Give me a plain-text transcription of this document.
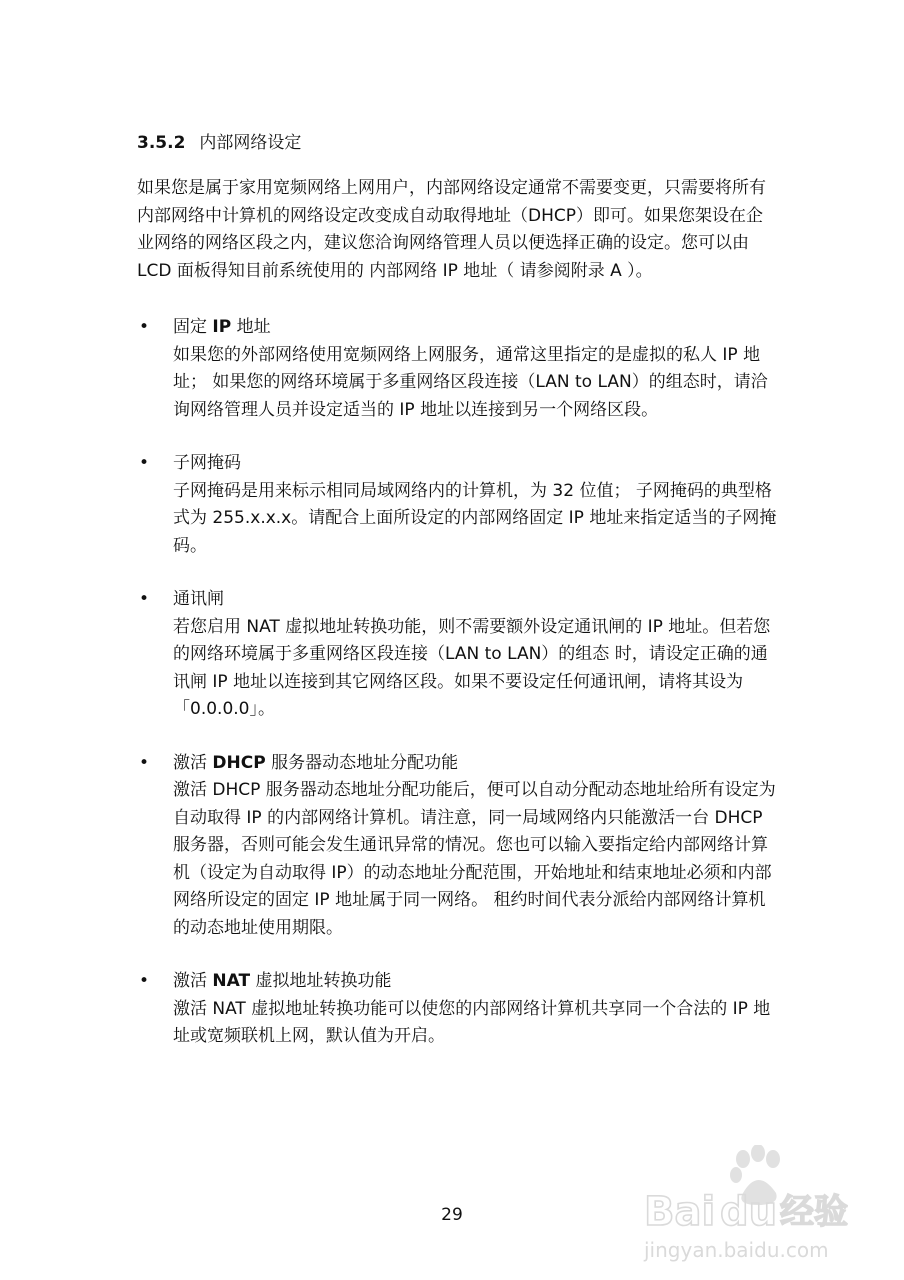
3.5.2 内部网络设定

如果您是属于家用宽频网络上网用户，内部网络设定通常不需要变更，只需要将所有内部网络中计算机的网络设定改变成自动取得地址（DHCP）即可。如果您架设在企业网络的网络区段之内，建议您洽询网络管理人员以便选择正确的设定。您可以由 LCD 面板得知目前系统使用的 内部网络 IP 地址（ 请参阅附录 A ）。

• 固定 IP 地址
如果您的外部网络使用宽频网络上网服务，通常这里指定的是虚拟的私人 IP 地址； 如果您的网络环境属于多重网络区段连接（LAN to LAN）的组态时，请洽询网络管理人员并设定适当的 IP 地址以连接到另一个网络区段。
• 子网掩码
子网掩码是用来标示相同局域网络内的计算机，为 32 位值； 子网掩码的典型格式为 255.x.x.x。请配合上面所设定的内部网络固定 IP 地址来指定适当的子网掩码。
• 通讯闸
若您启用 NAT 虚拟地址转换功能，则不需要额外设定通讯闸的 IP 地址。但若您的网络环境属于多重网络区段连接（LAN to LAN）的组态 时，请设定正确的通讯闸 IP 地址以连接到其它网络区段。如果不要设定任何通讯闸，请将其设为「0.0.0.0」。
• 激活 DHCP 服务器动态地址分配功能
激活 DHCP 服务器动态地址分配功能后，便可以自动分配动态地址给所有设定为自动取得 IP 的内部网络计算机。请注意，同一局域网络内只能激活一台 DHCP 服务器，否则可能会发生通讯异常的情况。您也可以输入要指定给内部网络计算机（设定为自动取得 IP）的动态地址分配范围，开始地址和结束地址必须和内部网络所设定的固定 IP 地址属于同一网络。 租约时间代表分派给内部网络计算机的动态地址使用期限。
• 激活 NAT 虚拟地址转换功能
激活 NAT 虚拟地址转换功能可以使您的内部网络计算机共享同一个合法的 IP 地址或宽频联机上网，默认值为开启。
29	Bai du 经验
jingyan.baidu.com
